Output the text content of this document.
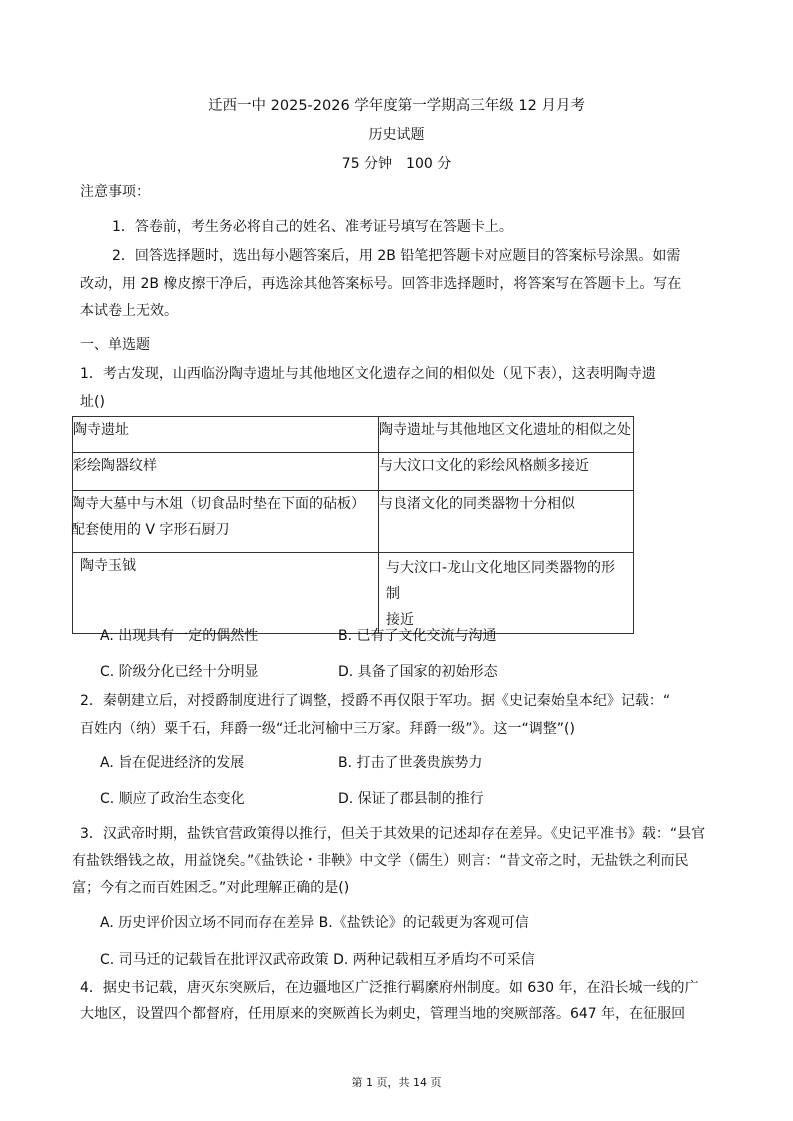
迁西一中 2025-2026 学年度第一学期高三年级 12 月月考
历史试题
75 分钟　100 分
注意事项：
1．答卷前，考生务必将自己的姓名、准考证号填写在答题卡上。
2．回答选择题时，选出每小题答案后，用 2B 铅笔把答题卡对应题目的答案标号涂黑。如需
改动，用 2B 橡皮擦干净后，再选涂其他答案标号。回答非选择题时，将答案写在答题卡上。写在
本试卷上无效。
一、单选题
1．考古发现，山西临汾陶寺遗址与其他地区文化遗存之间的相似处（见下表），这表明陶寺遗
址()
陶寺遗址	陶寺遗址与其他地区文化遗址的相似之处
彩绘陶器纹样	与大汶口文化的彩绘风格颇多接近

陶寺大墓中与木俎（切食品时垫在下面的砧板）
配套使用的 V 字形石厨刀	与良渚文化的同类器物十分相似
陶寺玉钺	与大汶口-龙山文化地区同类器物的形制
接近
A. 出现具有一定的偶然性	B. 已有了文化交流与沟通
C. 阶级分化已经十分明显	D. 具备了国家的初始形态
2．秦朝建立后，对授爵制度进行了调整，授爵不再仅限于军功。据《史记秦始皇本纪》记载：“
百姓内（纳）粟千石，拜爵一级“迁北河榆中三万家。拜爵一级”》。这一“调整”()
A. 旨在促进经济的发展	B. 打击了世袭贵族势力
C. 顺应了政治生态变化	D. 保证了郡县制的推行
3．汉武帝时期，盐铁官营政策得以推行，但关于其效果的记述却存在差异。《史记平准书》载：“县官
有盐铁缗钱之故，用益饶矣。”《盐铁论・非鞅》中文学（儒生）则言：“昔文帝之时，无盐铁之利而民
富；今有之而百姓困乏。”对此理解正确的是()
A. 历史评价因立场不同而存在差异 B.《盐铁论》的记载更为客观可信
C. 司马迁的记载旨在批评汉武帝政策 D. 两种记载相互矛盾均不可采信
4．据史书记载，唐灭东突厥后，在边疆地区广泛推行羁縻府州制度。如 630 年，在沿长城一线的广
大地区，设置四个都督府，任用原来的突厥酋长为刺史，管理当地的突厥部落。647 年，在征服回
第 1 页，共 14 页
